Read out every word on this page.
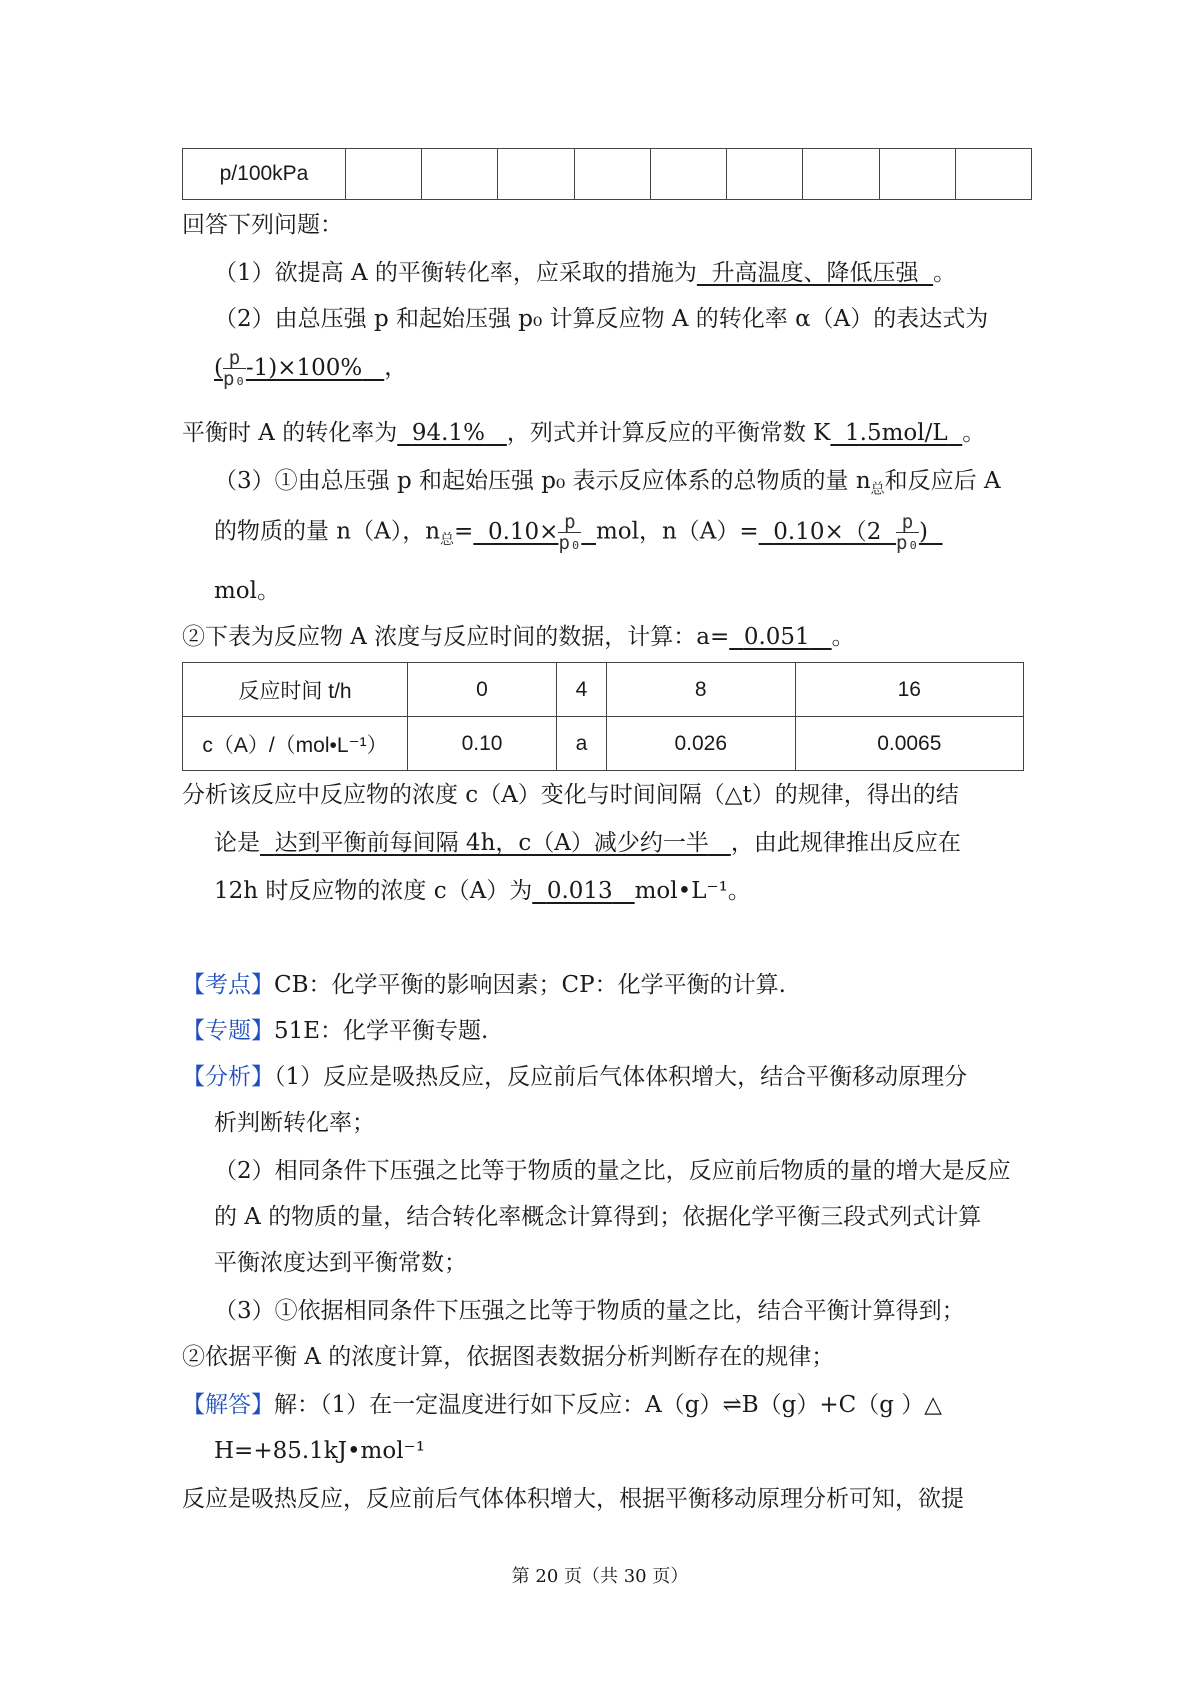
p/100kPa									
回答下列问题：
（1）欲提高 A 的平衡转化率，应采取的措施为 升高温度、降低压强 。
（2）由总压强 p 和起始压强 p₀ 计算反应物 A 的转化率 α（A）的表达式为
( $\frac{p}{\text{p₀}} -1)\times 100\%$ ，
平衡时 A 的转化率为 94.1% ，列式并计算反应的平衡常数 K 1.5mol/L 。
（3）①由总压强 p 和起始压强 p₀ 表示反应体系的总物质的量 $n_总$和反应后 A
的物质的量 n（A），$n_总= 0.10\times \frac{p}{\text{p₀}}$ mol，$n(A)= 0.10\times(2 \frac{p}{\text{p₀}}$ )
mol。
②下表为反应物 A 浓度与反应时间的数据，计算：a= 0.051 。
反应时间 t/h	0	4	8	16
c（A）/（mol•L⁻¹）	0.10	a	0.026	0.0065
分析该反应中反应物的浓度 c（A）变化与时间间隔（△t）的规律，得出的结
论是 达到平衡前每间隔 4h，c（A）减少约一半 ，由此规律推出反应在
12h 时反应物的浓度 c（A）为 0.013 mol•L⁻¹。
【考点】CB：化学平衡的影响因素；CP：化学平衡的计算.
【专题】51E：化学平衡专题.
【分析】（1）反应是吸热反应，反应前后气体体积增大，结合平衡移动原理分
析判断转化率；
（2）相同条件下压强之比等于物质的量之比，反应前后物质的量的增大是反应
的 A 的物质的量，结合转化率概念计算得到；依据化学平衡三段式列式计算
平衡浓度达到平衡常数；
（3）①依据相同条件下压强之比等于物质的量之比，结合平衡计算得到；
②依据平衡 A 的浓度计算，依据图表数据分析判断存在的规律；
【解答】解：（1）在一定温度进行如下反应：A（g）⇌B（g）+C（g ）△
H=+85.1kJ•mol⁻¹
反应是吸热反应，反应前后气体体积增大，根据平衡移动原理分析可知，欲提
第 20 页（共 30 页）
